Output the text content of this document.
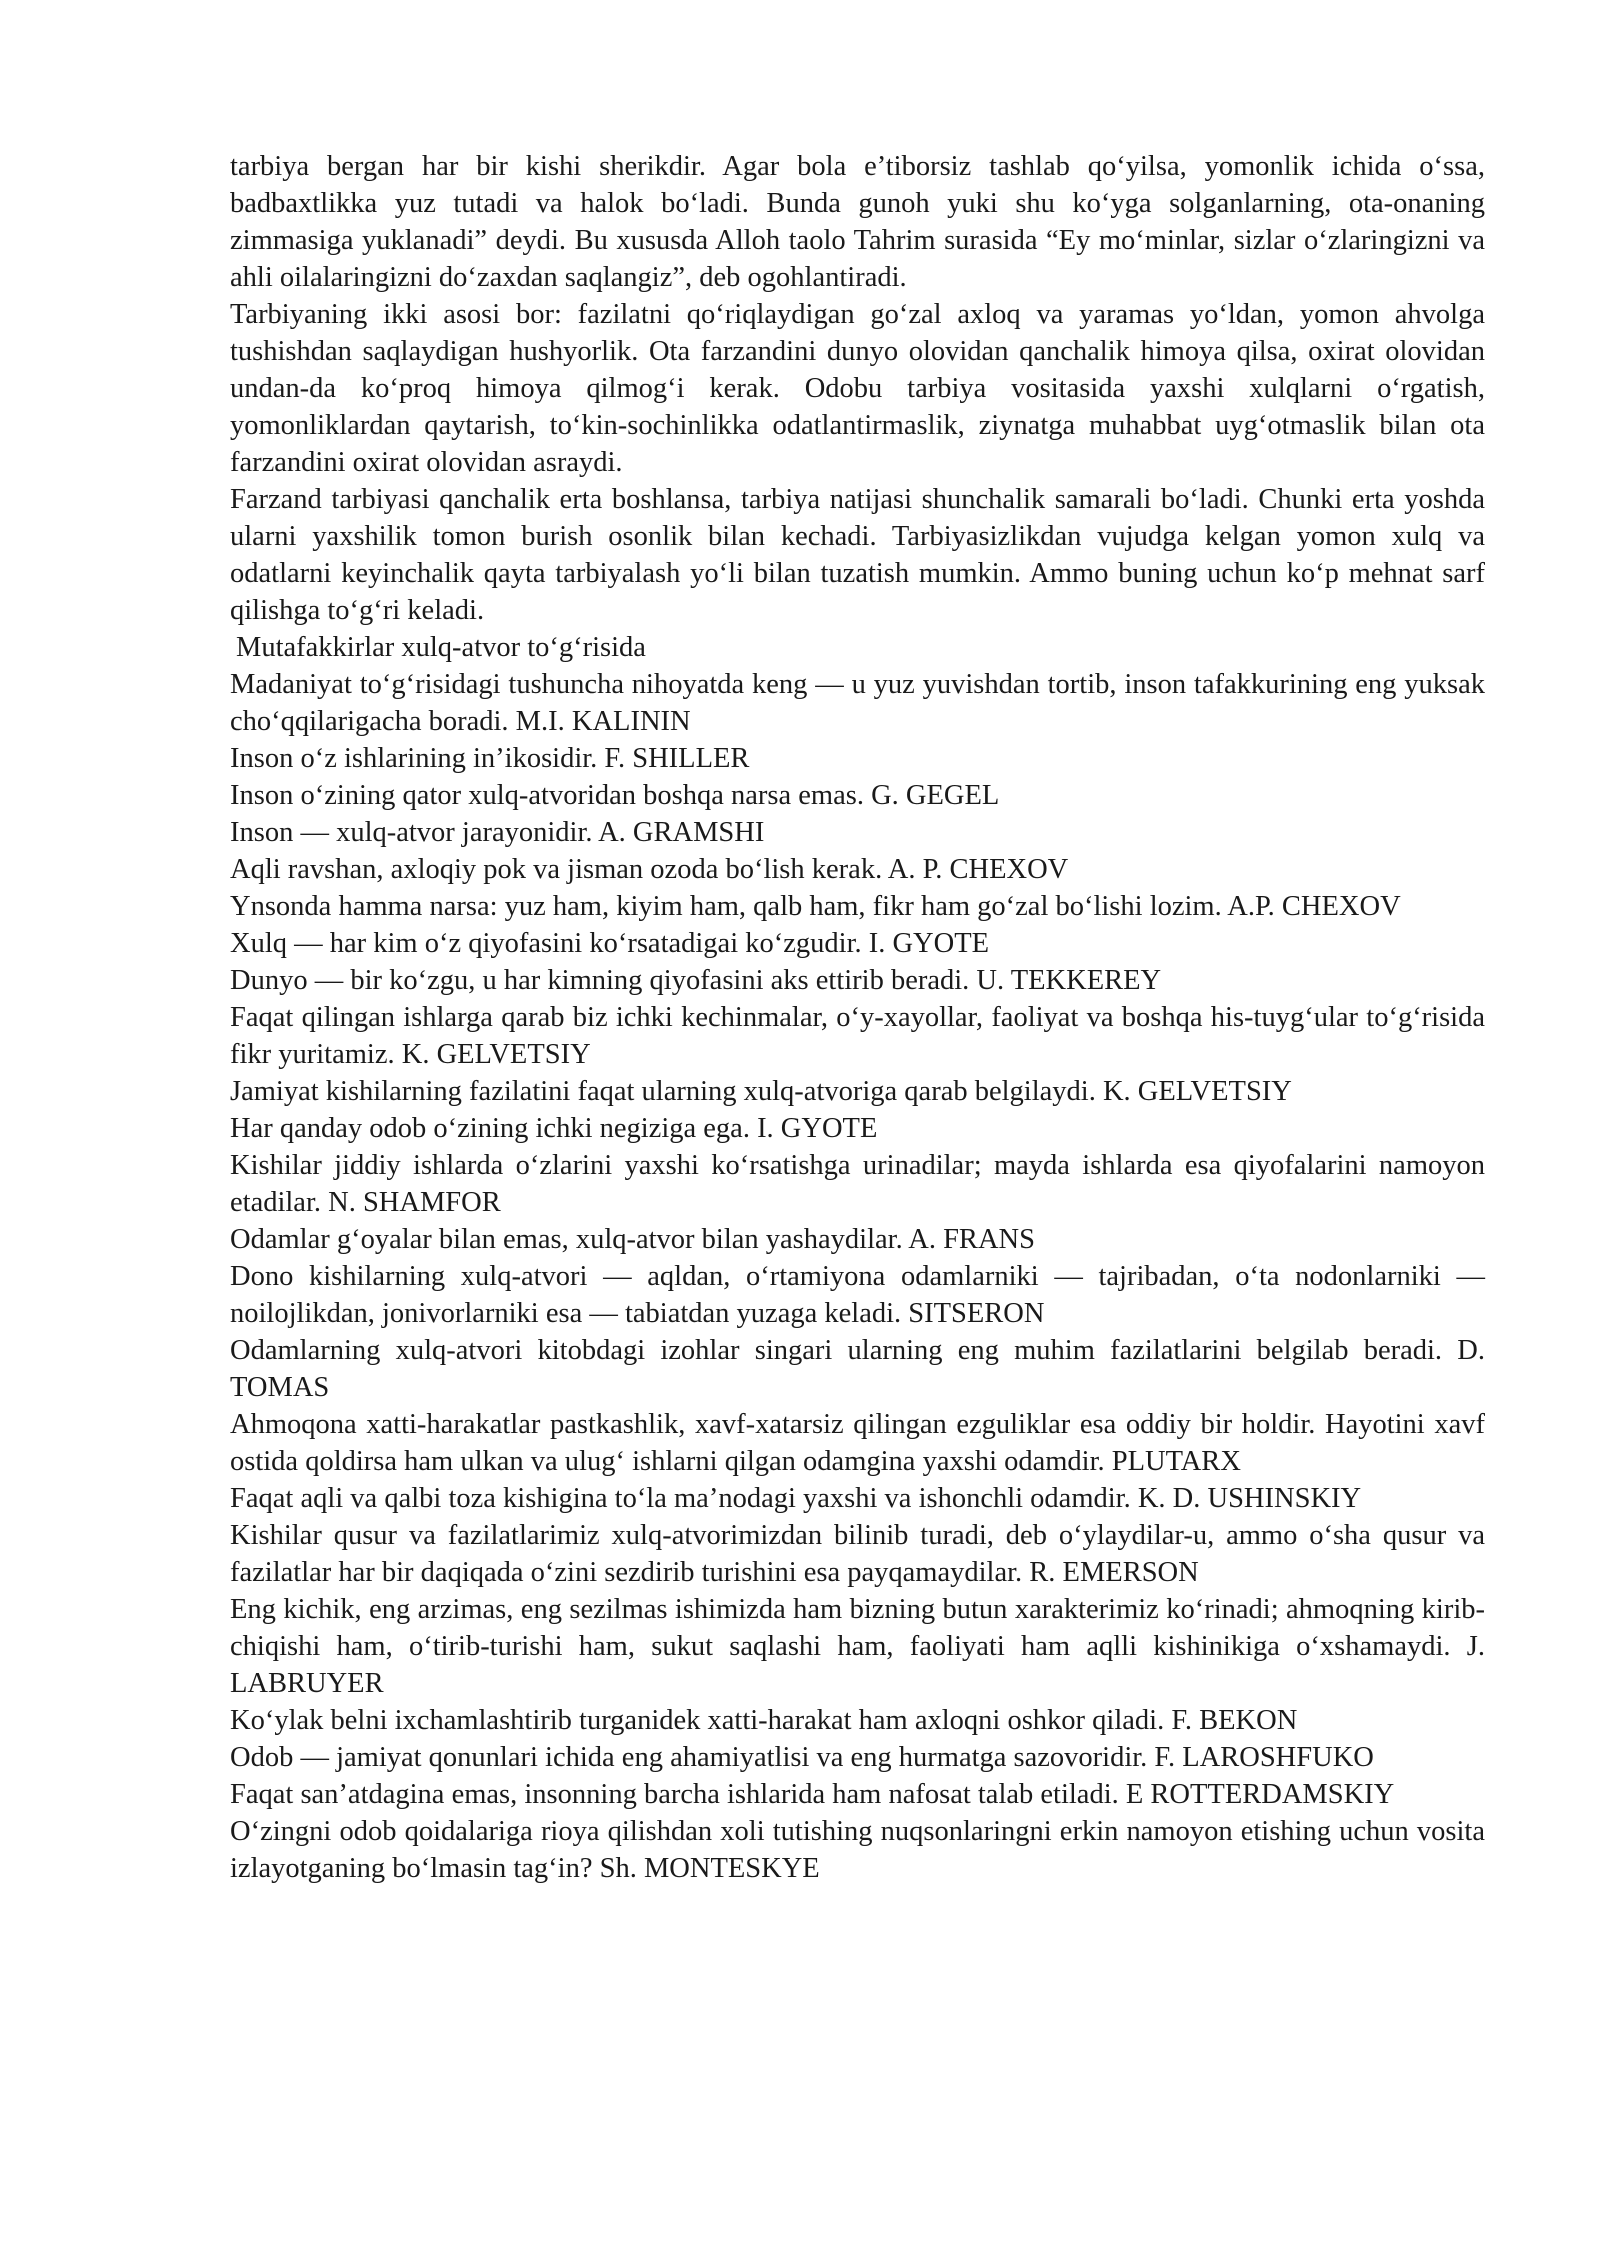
tarbiya bergan har bir kishi sherikdir. Agar bola e’tiborsiz tashlab qo‘yilsa, yomonlik ichida o‘ssa, badbaxtlikka yuz tutadi va halok bo‘ladi. Bunda gunoh yuki shu ko‘yga solganlarning, ota-onaning zimmasiga yuklanadi” deydi. Bu xususda Alloh taolo Tahrim surasida “Ey mo‘minlar, sizlar o‘zlaringizni va ahli oilalaringizni do‘zaxdan saqlangiz”, deb ogohlantiradi.

Tarbiyaning ikki asosi bor: fazilatni qo‘riqlaydigan go‘zal axloq va yaramas yo‘ldan, yomon ahvolga tushishdan saqlaydigan hushyorlik. Ota farzandini dunyo olovidan qanchalik himoya qilsa, oxirat olovidan undan-da ko‘proq himoya qilmog‘i kerak. Odobu tarbiya vositasida yaxshi xulqlarni o‘rgatish, yomonliklardan qaytarish, to‘kin-sochinlikka odatlantirmaslik, ziynatga muhabbat uyg‘otmaslik bilan ota farzandini oxirat olovidan asraydi.

Farzand tarbiyasi qanchalik erta boshlansa, tarbiya natijasi shunchalik samarali bo‘ladi. Chunki erta yoshda ularni yaxshilik tomon burish osonlik bilan kechadi. Tarbiyasizlikdan vujudga kelgan yomon xulq va odatlarni keyinchalik qayta tarbiyalash yo‘li bilan tuzatish mumkin. Ammo buning uchun ko‘p mehnat sarf qilishga to‘g‘ri keladi.

Mutafakkirlar xulq-atvor to‘g‘risida

Madaniyat to‘g‘risidagi tushuncha nihoyatda keng — u yuz yuvishdan tortib, inson tafakkurining eng yuksak cho‘qqilarigacha boradi. M.I. KALININ

Inson o‘z ishlarining in’ikosidir. F. SHILLER

Inson o‘zining qator xulq-atvoridan boshqa narsa emas. G. GEGEL

Inson — xulq-atvor jarayonidir. A. GRAMSHI

Aqli ravshan, axloqiy pok va jisman ozoda bo‘lish kerak. A. P. CHEXOV

Ynsonda hamma narsa: yuz ham, kiyim ham, qalb ham, fikr ham go‘zal bo‘lishi lozim. A.P. CHEXOV

Xulq — har kim o‘z qiyofasini ko‘rsatadigai ko‘zgudir. I. GYOTE

Dunyo — bir ko‘zgu, u har kimning qiyofasini aks ettirib beradi. U. TEKKEREY

Faqat qilingan ishlarga qarab biz ichki kechinmalar, o‘y-xayollar, faoliyat va boshqa his-tuyg‘ular to‘g‘risida fikr yuritamiz. K. GELVETSIY

Jamiyat kishilarning fazilatini faqat ularning xulq-atvoriga qarab belgilaydi. K. GELVETSIY

Har qanday odob o‘zining ichki negiziga ega. I. GYOTE

Kishilar jiddiy ishlarda o‘zlarini yaxshi ko‘rsatishga urinadilar; mayda ishlarda esa qiyofalarini namoyon etadilar. N. SHAMFOR

Odamlar g‘oyalar bilan emas, xulq-atvor bilan yashaydilar. A. FRANS

Dono kishilarning xulq-atvori — aqldan, o‘rtamiyona odamlarniki — tajribadan, o‘ta nodonlarniki — noilojlikdan, jonivorlarniki esa — tabiatdan yuzaga keladi. SITSERON

Odamlarning xulq-atvori kitobdagi izohlar singari ularning eng muhim fazilatlarini belgilab beradi. D. TOMAS

Ahmoqona xatti-harakatlar pastkashlik, xavf-xatarsiz qilingan ezguliklar esa oddiy bir holdir. Hayotini xavf ostida qoldirsa ham ulkan va ulug‘ ishlarni qilgan odamgina yaxshi odamdir. PLUTARX

Faqat aqli va qalbi toza kishigina to‘la ma’nodagi yaxshi va ishonchli odamdir. K. D. USHINSKIY

Kishilar qusur va fazilatlarimiz xulq-atvorimizdan bilinib turadi, deb o‘ylaydilar-u, ammo o‘sha qusur va fazilatlar har bir daqiqada o‘zini sezdirib turishini esa payqamaydilar. R. EMERSON

Eng kichik, eng arzimas, eng sezilmas ishimizda ham bizning butun xarakterimiz ko‘rinadi; ahmoqning kirib-chiqishi ham, o‘tirib-turishi ham, sukut saqlashi ham, faoliyati ham aqlli kishinikiga o‘xshamaydi. J. LABRUYER

Ko‘ylak belni ixchamlashtirib turganidek xatti-harakat ham axloqni oshkor qiladi. F. BEKON

Odob — jamiyat qonunlari ichida eng ahamiyatlisi va eng hurmatga sazovoridir. F. LAROSHFUKO

Faqat san’atdagina emas, insonning barcha ishlarida ham nafosat talab etiladi. E ROTTERDAMSKIY

O‘zingni odob qoidalariga rioya qilishdan xoli tutishing nuqsonlaringni erkin namoyon etishing uchun vosita izlayotganing bo‘lmasin tag‘in? Sh. MONTESKYE
